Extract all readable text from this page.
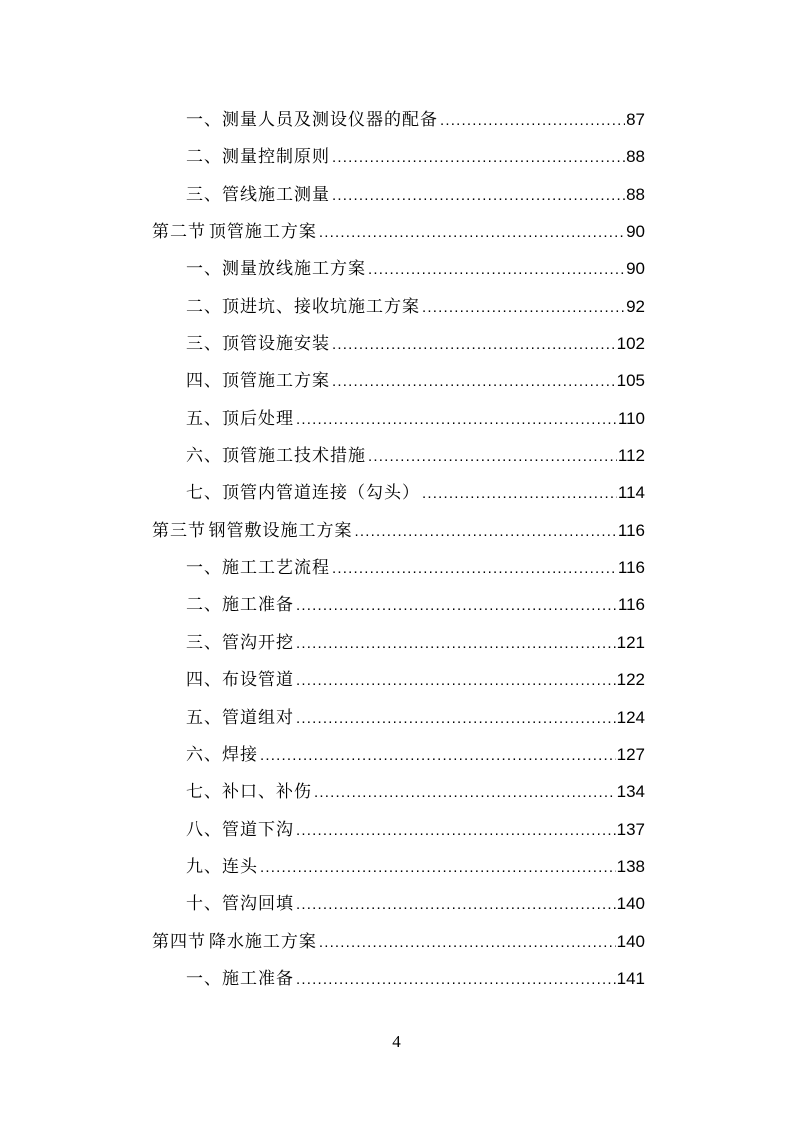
一、 测量人员及测设仪器的配备 .....	87
二、 测量控制原则 .....	88
三、 管线施工测量 .....	88
第二节 顶管施工方案 .....	90
一、 测量放线施工方案 .....	90
二、 顶进坑、接收坑施工方案 .....	92
三、 顶管设施安装 .....	102
四、 顶管施工方案 .....	105
五、 顶后处理 .....	110
六、 顶管施工技术措施 .....	112
七、 顶管内管道连接（勾头） .....	114
第三节 钢管敷设施工方案 .....	116
一、 施工工艺流程 .....	116
二、 施工准备 .....	116
三、 管沟开挖 .....	121
四、 布设管道 .....	122
五、 管道组对 .....	124
六、 焊接 .....	127
七、 补口、补伤 .....	134
八、 管道下沟 .....	137
九、 连头 .....	138
十、 管沟回填 .....	140
第四节 降水施工方案 .....	140
一、 施工准备 .....	141
4
